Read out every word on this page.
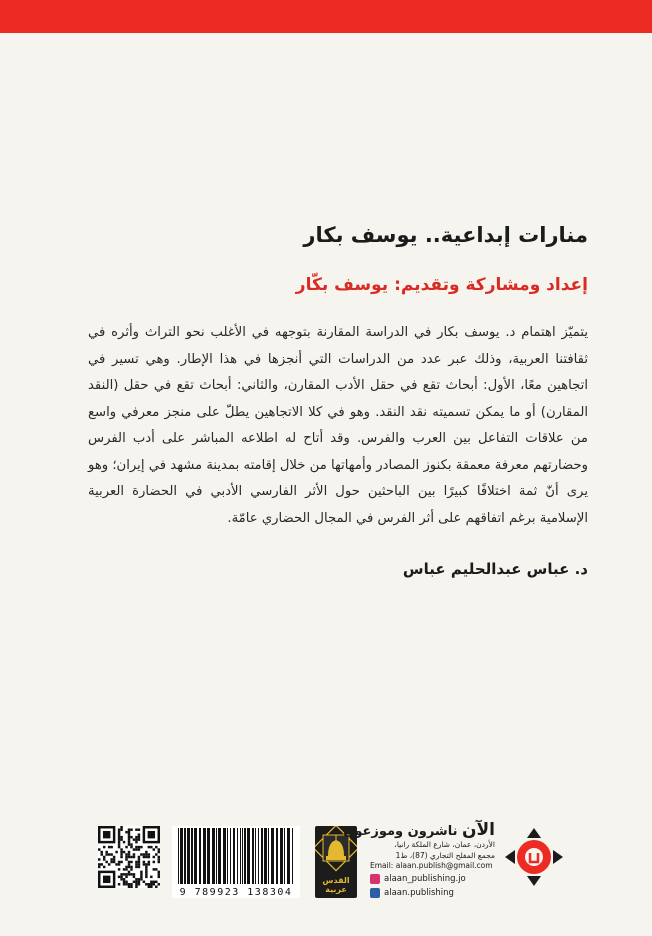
منارات إبداعية.. يوسف بكار
إعداد ومشاركة وتقديم: يوسف بكّار

يتميّز اهتمام د. يوسف بكار في الدراسة المقارنة بتوجهه في الأغلب نحو التراث وأثره في ثقافتنا العربية، وذلك عبر عدد من الدراسات التي أنجزها في هذا الإطار. وهي تسير في اتجاهين معًا، الأول: أبحاث تقع في حقل الأدب المقارن، والثاني: أبحاث تقع في حقل (النقد المقارن) أو ما يمكن تسميته نقد النقد. وهو في كلا الاتجاهين يطلّ على منجز معرفي واسع من علاقات التفاعل بين العرب والفرس. وقد أتاح له اطلاعه المباشر على أدب الفرس وحضارتهم معرفة معمقة بكنوز المصادر وأمهاتها من خلال إقامته بمدينة مشهد في إيران؛ وهو يرى أنّ ثمة اختلافًا كبيرًا بين الباحثين حول الأثر الفارسي الأدبي في الحضارة العربية الإسلامية برغم اتفاقهم على أثر الفرس في المجال الحضاري عامّة.

د. عباس عبدالحليم عباس
9 789923 138304
القدس
عربية
الآن ناشرون وموزعون
الأردن، عمان، شارع الملكة رانيا،
مجمع المفلح التجاري (87)، ط1
Email: alaan.publish@gmail.com
alaan_publishing.jo
alaan.publishing
